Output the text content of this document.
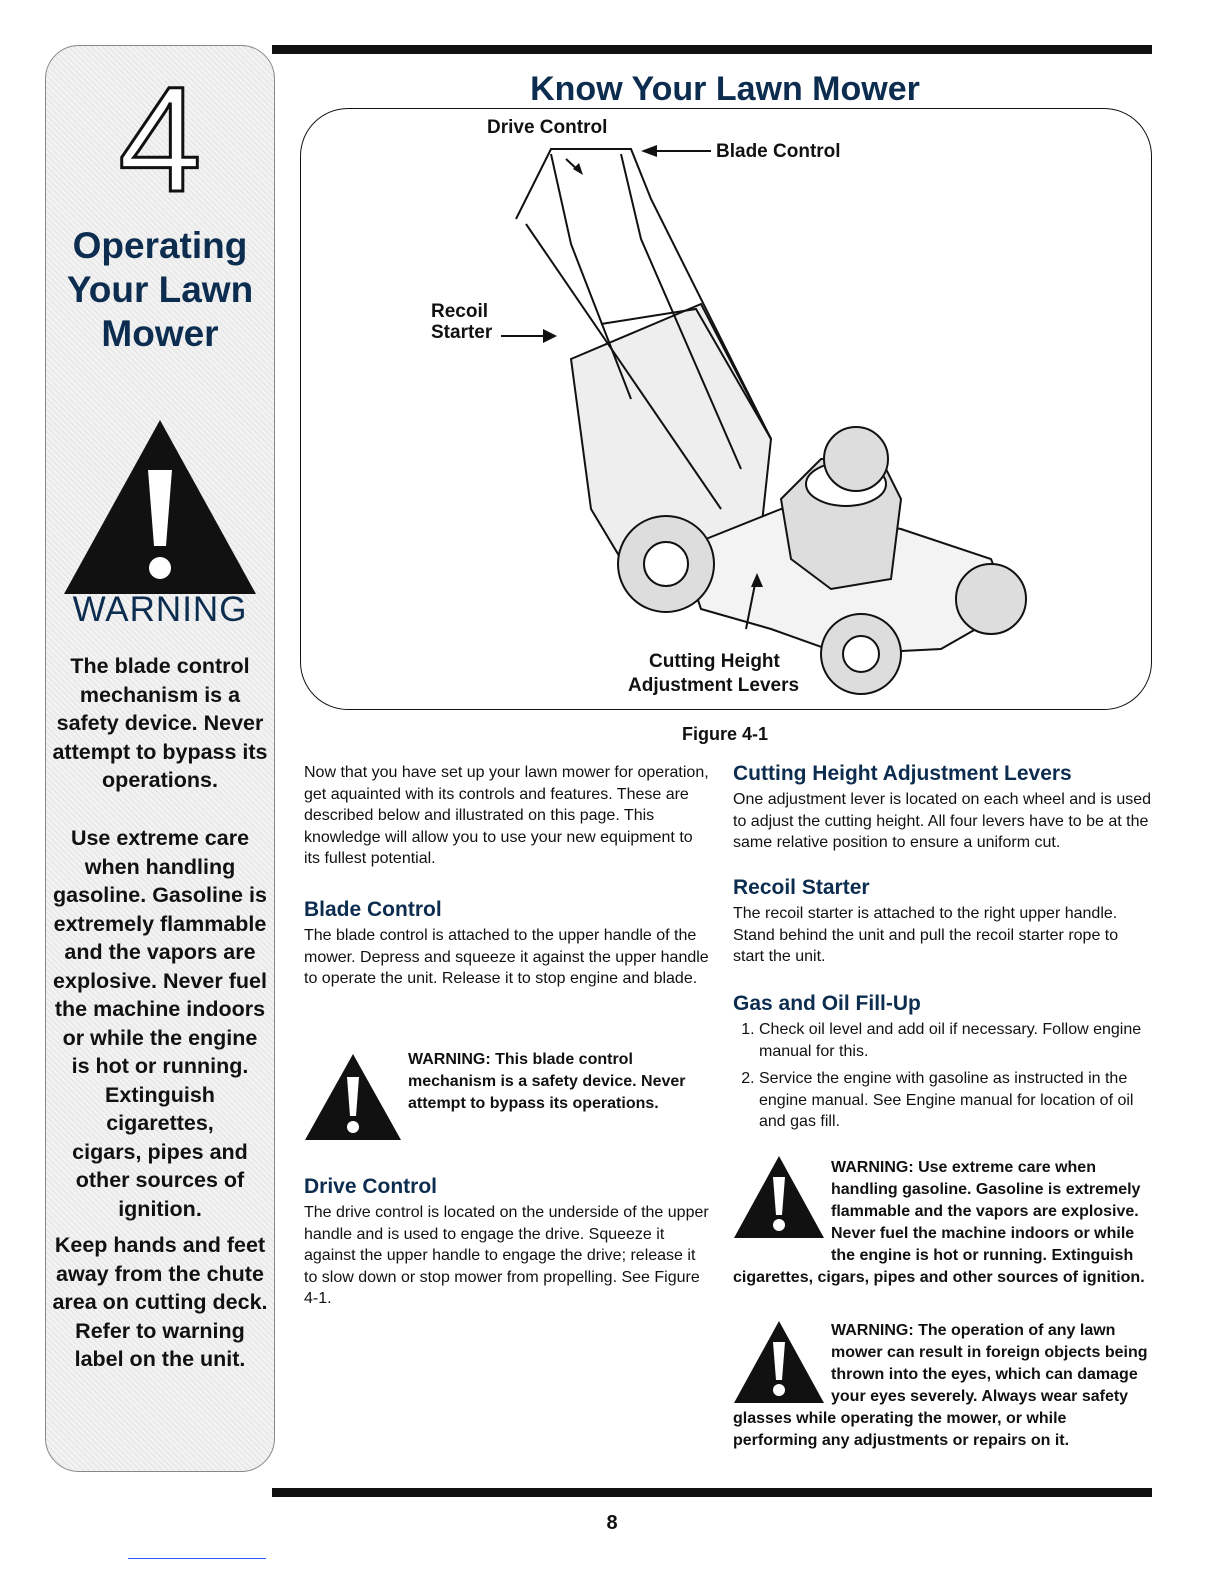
4
Operating
Your Lawn
Mower
WARNING
The blade control
mechanism is a
safety device. Never
attempt to bypass its
operations.
Use extreme care
when handling
gasoline. Gasoline is
extremely flammable
and the vapors are
explosive. Never fuel
the machine indoors
or while the engine
is hot or running.
Extinguish cigarettes,
cigars, pipes and
other sources of
ignition.
Keep hands and feet
away from the chute
area on cutting deck.
Refer to warning
label on the unit.
Know Your Lawn Mower
Drive Control
Blade Control
Recoil
Starter
Cutting Height
Adjustment Levers
Figure 4-1
Now that you have set up your lawn mower for operation, get aquainted with its controls and features. These are described below and illustrated on this page. This knowledge will allow you to use your new equipment to its fullest potential.
Blade Control
The blade control is attached to the upper handle of the mower. Depress and squeeze it against the upper handle to operate the unit. Release it to stop engine and blade.
WARNING: This blade control mechanism is a safety device. Never attempt to bypass its operations.
Drive Control
The drive control is located on the underside of the upper handle and is used to engage the drive. Squeeze it against the upper handle to engage the drive; release it to slow down or stop mower from propelling. See Figure 4-1.
Cutting Height Adjustment Levers
One adjustment lever is located on each wheel and is used to adjust the cutting height. All four levers have to be at the same relative position to ensure a uniform cut.
Recoil Starter
The recoil starter is attached to the right upper handle. Stand behind the unit and pull the recoil starter rope to start the unit.
Gas and Oil Fill-Up
1. Check oil level and add oil if necessary. Follow engine manual for this.
2. Service the engine with gasoline as instructed in the engine manual. See Engine manual for location of oil and gas fill.
WARNING: Use extreme care when handling gasoline. Gasoline is extremely flammable and the vapors are explosive. Never fuel the machine indoors or while the engine is hot or running. Extinguish cigarettes, cigars, pipes and other sources of ignition.
WARNING: The operation of any lawn mower can result in foreign objects being thrown into the eyes, which can damage your eyes severely. Always wear safety glasses while operating the mower, or while performing any adjustments or repairs on it.
8
